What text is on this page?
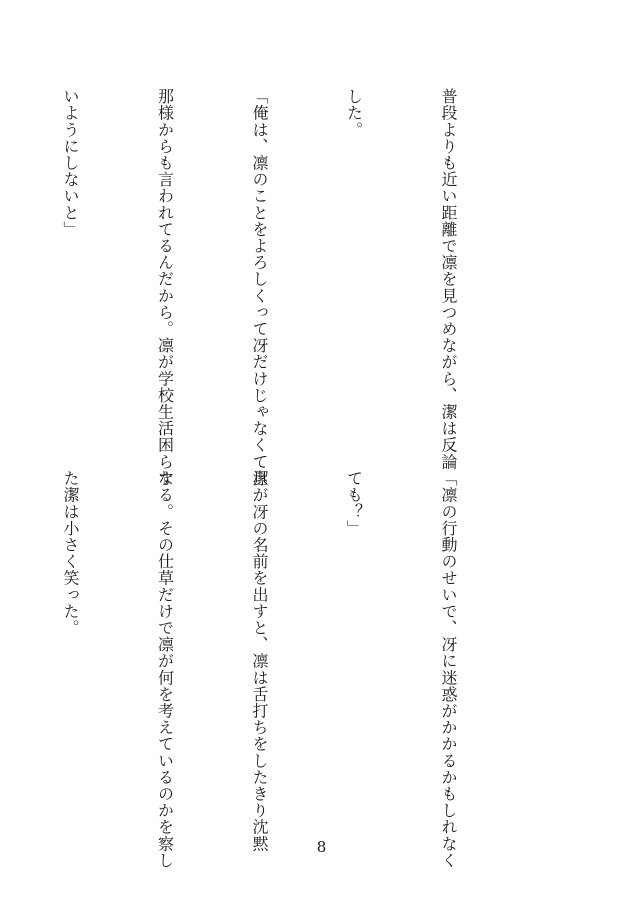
普段よりも近い距離で凛を見つめながら、潔は反論

した。

「俺は、凛のことをよろしくって冴だけじゃなくて旦

那様からも言われてるんだから。凛が学校生活困らな

いようにしないと」

「凛の行動のせいで、冴に迷惑がかかるかもしれなく

ても？」

潔が冴の名前を出すと、凛は舌打ちをしたきり沈黙

する。その仕草だけで凛が何を考えているのかを察し

た潔は小さく笑った。

8
